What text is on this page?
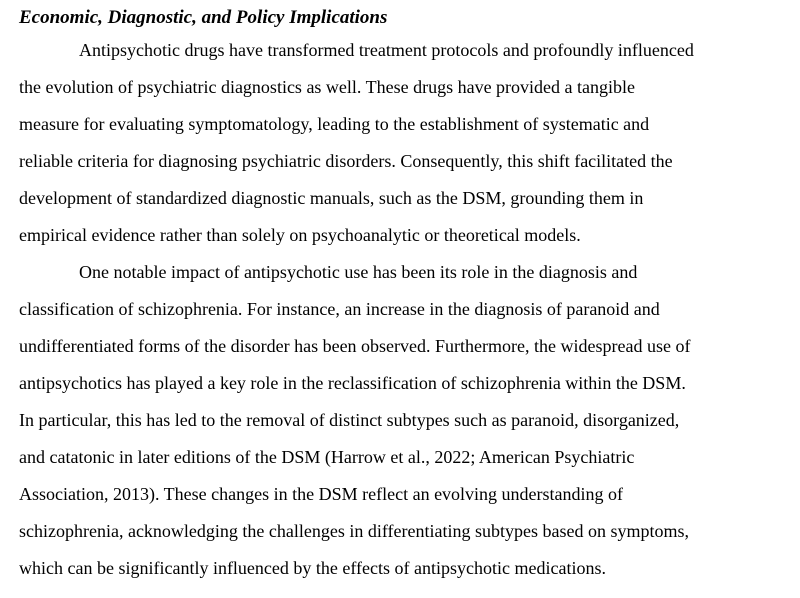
Economic, Diagnostic, and Policy Implications

Antipsychotic drugs have transformed treatment protocols and profoundly influenced

the evolution of psychiatric diagnostics as well. These drugs have provided a tangible

measure for evaluating symptomatology, leading to the establishment of systematic and

reliable criteria for diagnosing psychiatric disorders. Consequently, this shift facilitated the

development of standardized diagnostic manuals, such as the DSM, grounding them in

empirical evidence rather than solely on psychoanalytic or theoretical models.

One notable impact of antipsychotic use has been its role in the diagnosis and

classification of schizophrenia. For instance, an increase in the diagnosis of paranoid and

undifferentiated forms of the disorder has been observed. Furthermore, the widespread use of

antipsychotics has played a key role in the reclassification of schizophrenia within the DSM.

In particular, this has led to the removal of distinct subtypes such as paranoid, disorganized,

and catatonic in later editions of the DSM (Harrow et al., 2022; American Psychiatric

Association, 2013). These changes in the DSM reflect an evolving understanding of

schizophrenia, acknowledging the challenges in differentiating subtypes based on symptoms,

which can be significantly influenced by the effects of antipsychotic medications.
